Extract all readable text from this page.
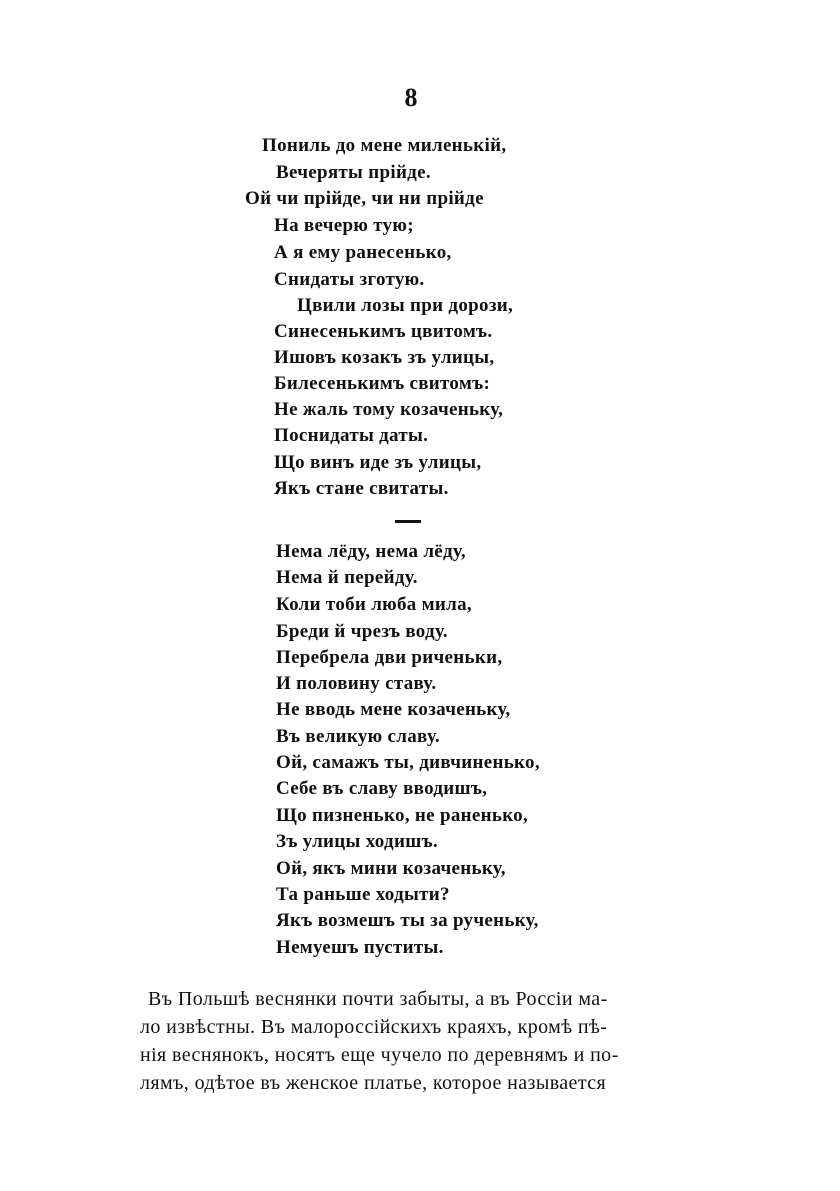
8
Пониль до мене миленькій,
Вечеряты прійде.
Ой чи прійде, чи ни прійде
На вечерю тую;
А я ему ранесенько,
Снидаты зготую.
Цвили лозы при дорози,
Синесенькимъ цвитомъ.
Ишовъ козакъ зъ улицы,
Билесенькимъ свитомъ:
Не жаль тому козаченьку,
Поснидаты даты.
Що винъ иде зъ улицы,
Якъ стане свитаты.
Нема лёду, нема лёду,
Нема й перейду.
Коли тоби люба мила,
Бреди й чрезъ воду.
Перебрела дви риченьки,
И половину ставу.
Не вводь мене козаченьку,
Въ великую славу.
Ой, самажъ ты, дивчиненько,
Себе въ славу вводишъ,
Що пизненько, не раненько,
Зъ улицы ходишъ.
Ой, якъ мини козаченьку,
Та раньше ходыти?
Якъ возмешъ ты за рученьку,
Немуешъ пуститы.
Въ Польшѣ веснянки почти забыты, а въ Россіи ма-
ло извѣстны. Въ малороссійскихъ краяхъ, кромѣ пѣ-
нія веснянокъ, носятъ еще чучело по деревнямъ и по-
лямъ, одѣтое въ женское платье, которое называется
